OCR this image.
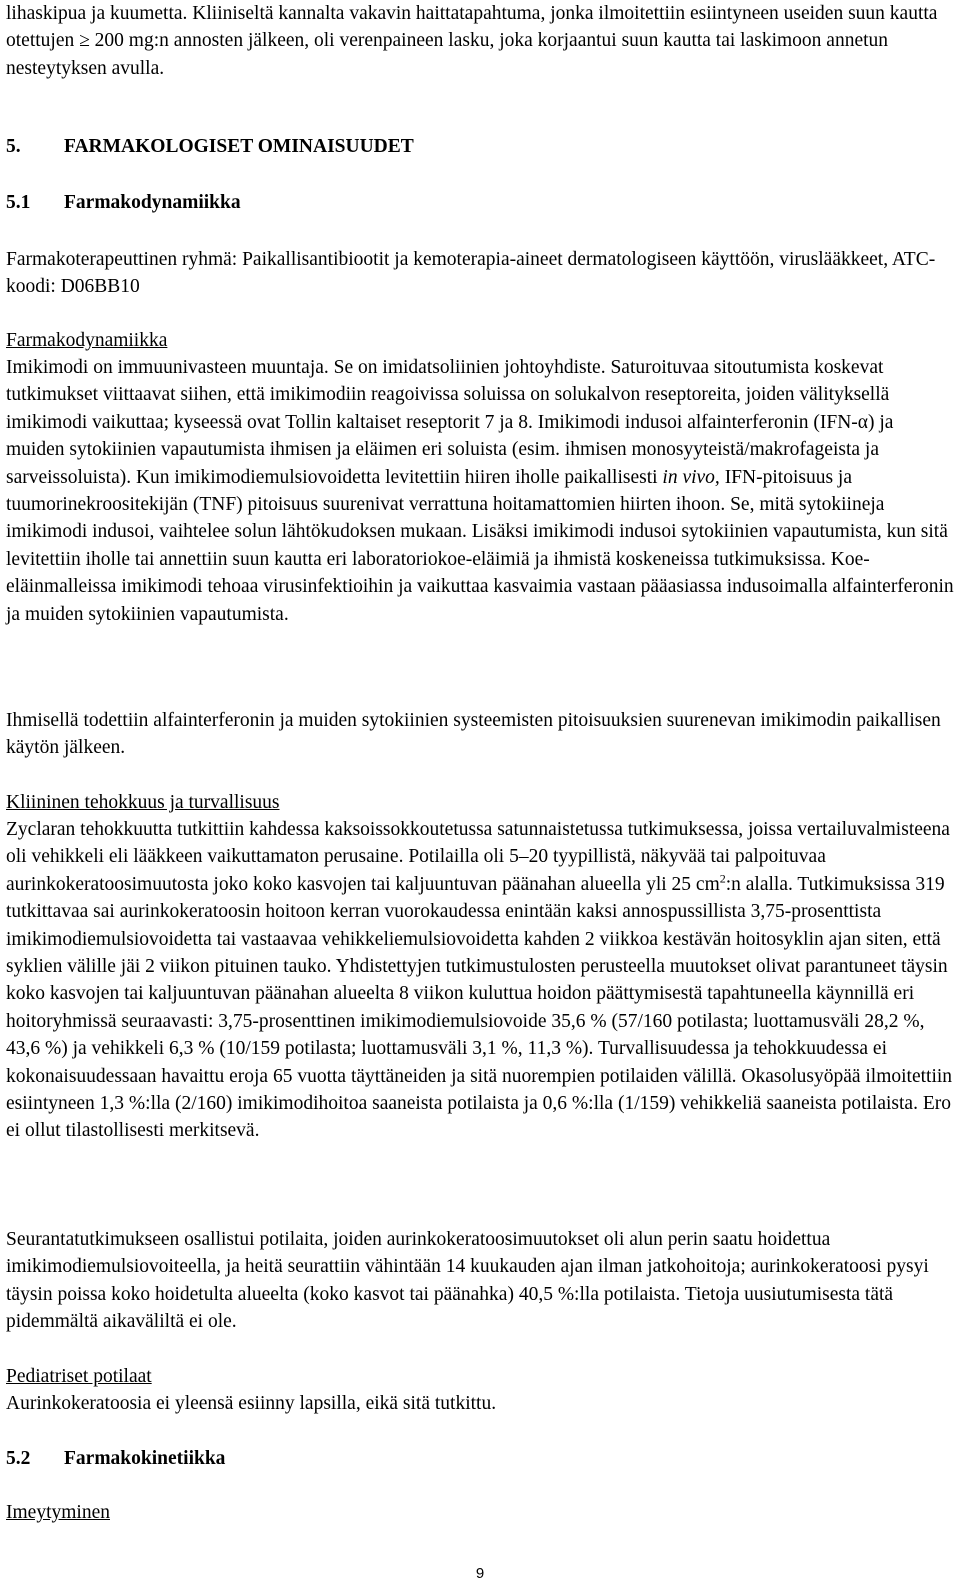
lihaskipua ja kuumetta. Kliiniseltä kannalta vakavin haittatapahtuma, jonka ilmoitettiin esiintyneen useiden suun kautta otettujen ≥ 200 mg:n annosten jälkeen, oli verenpaineen lasku, joka korjaantui suun kautta tai laskimoon annetun nesteytyksen avulla.

5. FARMAKOLOGISET OMINAISUUDET
5.1 Farmakodynamiikka

Farmakoterapeuttinen ryhmä: Paikallisantibiootit ja kemoterapia-aineet dermatologiseen käyttöön, viruslääkkeet, ATC-koodi: D06BB10

Farmakodynamiikka

Imikimodi on immuunivasteen muuntaja. Se on imidatsoliinien johtoyhdiste. Saturoituvaa sitoutumista koskevat tutkimukset viittaavat siihen, että imikimodiin reagoivissa soluissa on solukalvon reseptoreita, joiden välityksellä imikimodi vaikuttaa; kyseessä ovat Tollin kaltaiset reseptorit 7 ja 8. Imikimodi indusoi alfainterferonin (IFN-α) ja muiden sytokiinien vapautumista ihmisen ja eläimen eri soluista (esim. ihmisen monosyyteistä/makrofageista ja sarveissoluista). Kun imikimodiemulsiovoidetta levitettiin hiiren iholle paikallisesti in vivo, IFN-pitoisuus ja tuumorinekroositekijän (TNF) pitoisuus suurenivat verrattuna hoitamattomien hiirten ihoon. Se, mitä sytokiineja imikimodi indusoi, vaihtelee solun lähtökudoksen mukaan. Lisäksi imikimodi indusoi sytokiinien vapautumista, kun sitä levitettiin iholle tai annettiin suun kautta eri laboratoriokoe-eläimiä ja ihmistä koskeneissa tutkimuksissa. Koe-eläinmalleissa imikimodi tehoaa virusinfektioihin ja vaikuttaa kasvaimia vastaan pääasiassa indusoimalla alfainterferonin ja muiden sytokiinien vapautumista.

Ihmisellä todettiin alfainterferonin ja muiden sytokiinien systeemisten pitoisuuksien suurenevan imikimodin paikallisen käytön jälkeen.

Kliininen tehokkuus ja turvallisuus

Zyclaran tehokkuutta tutkittiin kahdessa kaksoissokkoutetussa satunnaistetussa tutkimuksessa, joissa vertailuvalmisteena oli vehikkeli eli lääkkeen vaikuttamaton perusaine. Potilailla oli 5–20 tyypillistä, näkyvää tai palpoituvaa aurinkokeratoosimuutosta joko koko kasvojen tai kaljuuntuvan päänahan alueella yli 25 $cm^2:n$ alalla. Tutkimuksissa 319 tutkittavaa sai aurinkokeratoosin hoitoon kerran vuorokaudessa enintään kaksi annospussillista 3,75-prosenttista imikimodiemulsiovoidetta tai vastaavaa vehikkeliemulsiovoidetta kahden 2 viikkoa kestävän hoitosyklin ajan siten, että syklien välille jäi 2 viikon pituinen tauko. Yhdistettyjen tutkimustulosten perusteella muutokset olivat parantuneet täysin koko kasvojen tai kaljuuntuvan päänahan alueelta 8 viikon kuluttua hoidon päättymisestä tapahtuneella käynnillä eri hoitoryhmissä seuraavasti: 3,75-prosenttinen imikimodiemulsiovoide 35,6 % (57/160 potilasta; luottamusväli 28,2 %, 43,6 %) ja vehikkeli 6,3 % (10/159 potilasta; luottamusväli 3,1 %, 11,3 %). Turvallisuudessa ja tehokkuudessa ei kokonaisuudessaan havaittu eroja 65 vuotta täyttäneiden ja sitä nuorempien potilaiden välillä. Okasolusyöpää ilmoitettiin esiintyneen 1,3 %:lla (2/160) imikimodihoitoa saaneista potilaista ja 0,6 %:lla (1/159) vehikkeliä saaneista potilaista. Ero ei ollut tilastollisesti merkitsevä.

Seurantatutkimukseen osallistui potilaita, joiden aurinkokeratoosimuutokset oli alun perin saatu hoidettua imikimodiemulsiovoiteella, ja heitä seurattiin vähintään 14 kuukauden ajan ilman jatkohoitoja; aurinkokeratoosi pysyi täysin poissa koko hoidetulta alueelta (koko kasvot tai päänahka) 40,5 %:lla potilaista. Tietoja uusiutumisesta tätä pidemmältä aikaväliltä ei ole.

Pediatriset potilaat

Aurinkokeratoosia ei yleensä esiinny lapsilla, eikä sitä tutkittu.

5.2 Farmakokinetiikka

Imeytyminen

9
